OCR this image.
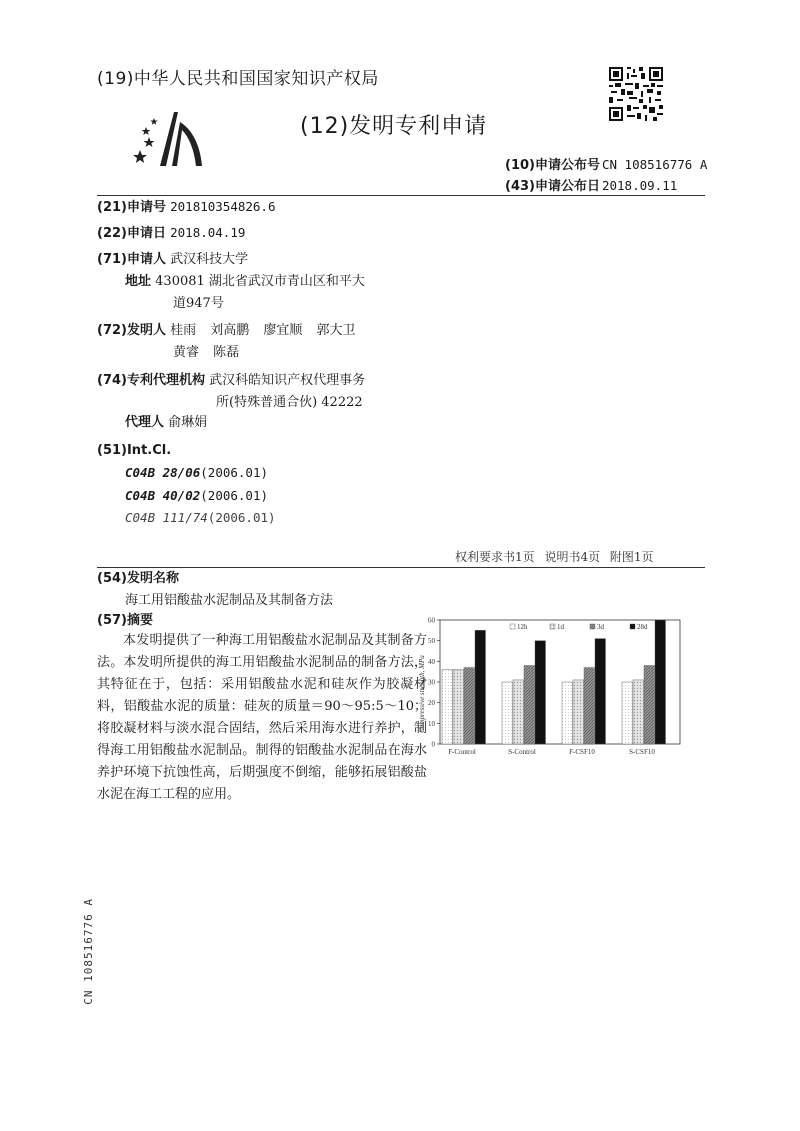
(19)中华人民共和国国家知识产权局
(12)发明专利申请
(10)申请公布号 CN 108516776 A
(43)申请公布日 2018.09.11
(21)申请号 201810354826.6
(22)申请日 2018.04.19
(71)申请人 武汉科技大学
地址 430081 湖北省武汉市青山区和平大
道947号
(72)发明人 桂雨 刘高鹏 廖宜顺 郭大卫
黄睿 陈磊
(74)专利代理机构 武汉科皓知识产权代理事务
所(特殊普通合伙) 42222
代理人 俞琳娟
(51)Int.Cl.
C04B 28/06(2006.01)
C04B 40/02(2006.01)
C04B 111/74(2006.01)
权利要求书1页 说明书4页 附图1页
(54)发明名称
海工用铝酸盐水泥制品及其制备方法
(57)摘要
本发明提供了一种海工用铝酸盐水泥制品及其制备方法。本发明所提供的海工用铝酸盐水泥制品的制备方法，其特征在于，包括：采用铝酸盐水泥和硅灰作为胶凝材料，铝酸盐水泥的质量：硅灰的质量＝90～95:5～10；将胶凝材料与淡水混合固结，然后采用海水进行养护，制得海工用铝酸盐水泥制品。制得的铝酸盐水泥制品在海水养护环境下抗蚀性高，后期强度不倒缩，能够拓展铝酸盐水泥在海工工程的应用。
Compressive strength, MPa
0
10
20
30
40
50
60
F-Control	S-Control	F-CSF10	S-CSF10
12h	1d	3d	28d
CN 108516776 A
